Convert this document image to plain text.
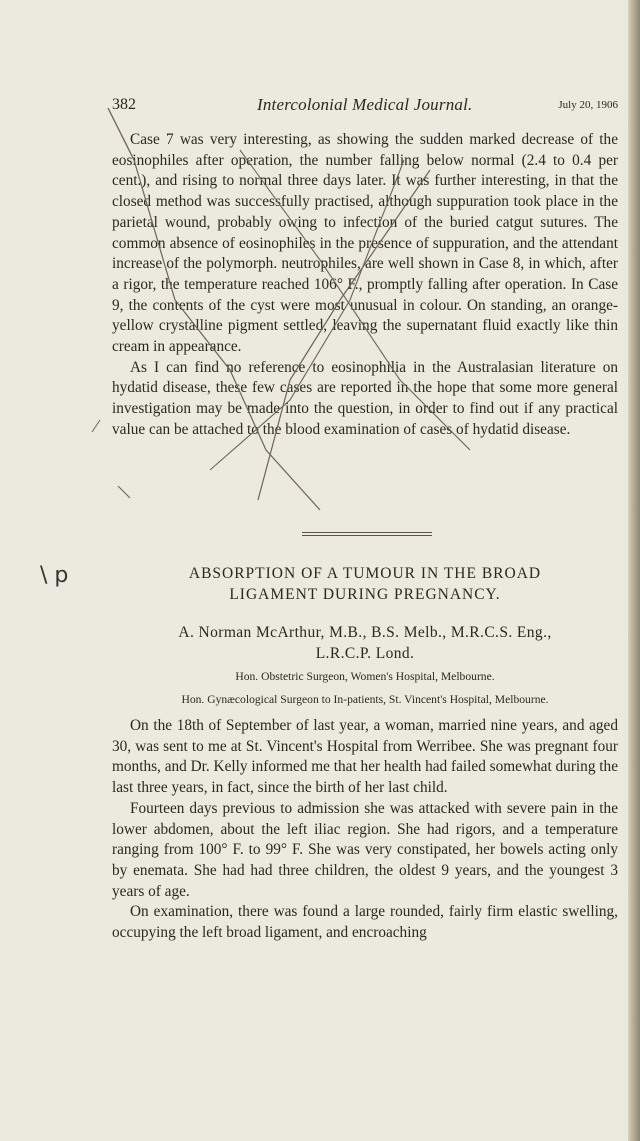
382	Intercolonial Medical Journal.	July 20, 1906

Case 7 was very interesting, as showing the sudden marked decrease of the eosinophiles after operation, the number falling below normal (2.4 to 0.4 per cent.), and rising to normal three days later. It was further interesting, in that the closed method was successfully practised, although suppuration took place in the parietal wound, probably owing to infection of the buried catgut sutures. The common absence of eosinophiles in the presence of suppuration, and the attendant increase of the polymorph. neutrophiles, are well shown in Case 8, in which, after a rigor, the temperature reached 106° F., promptly falling after operation. In Case 9, the contents of the cyst were most unusual in colour. On standing, an orange-yellow crystalline pigment settled, leaving the supernatant fluid exactly like thin cream in appearance.

As I can find no reference to eosinophilia in the Australasian literature on hydatid disease, these few cases are reported in the hope that some more general investigation may be made into the question, in order to find out if any practical value can be attached to the blood examination of cases of hydatid disease.

\ p	ABSORPTION OF A TUMOUR IN THE BROAD
LIGAMENT DURING PREGNANCY.
A. Norman McArthur, M.B., B.S. Melb., M.R.C.S. Eng.,
L.R.C.P. Lond.
Hon. Obstetric Surgeon, Women's Hospital, Melbourne.
Hon. Gynæcological Surgeon to In-patients, St. Vincent's Hospital, Melbourne.

On the 18th of September of last year, a woman, married nine years, and aged 30, was sent to me at St. Vincent's Hospital from Werribee. She was pregnant four months, and Dr. Kelly informed me that her health had failed somewhat during the last three years, in fact, since the birth of her last child.

Fourteen days previous to admission she was attacked with severe pain in the lower abdomen, about the left iliac region. She had rigors, and a temperature ranging from 100° F. to 99° F. She was very constipated, her bowels acting only by enemata. She had had three children, the oldest 9 years, and the youngest 3 years of age.

On examination, there was found a large rounded, fairly firm elastic swelling, occupying the left broad ligament, and encroaching
